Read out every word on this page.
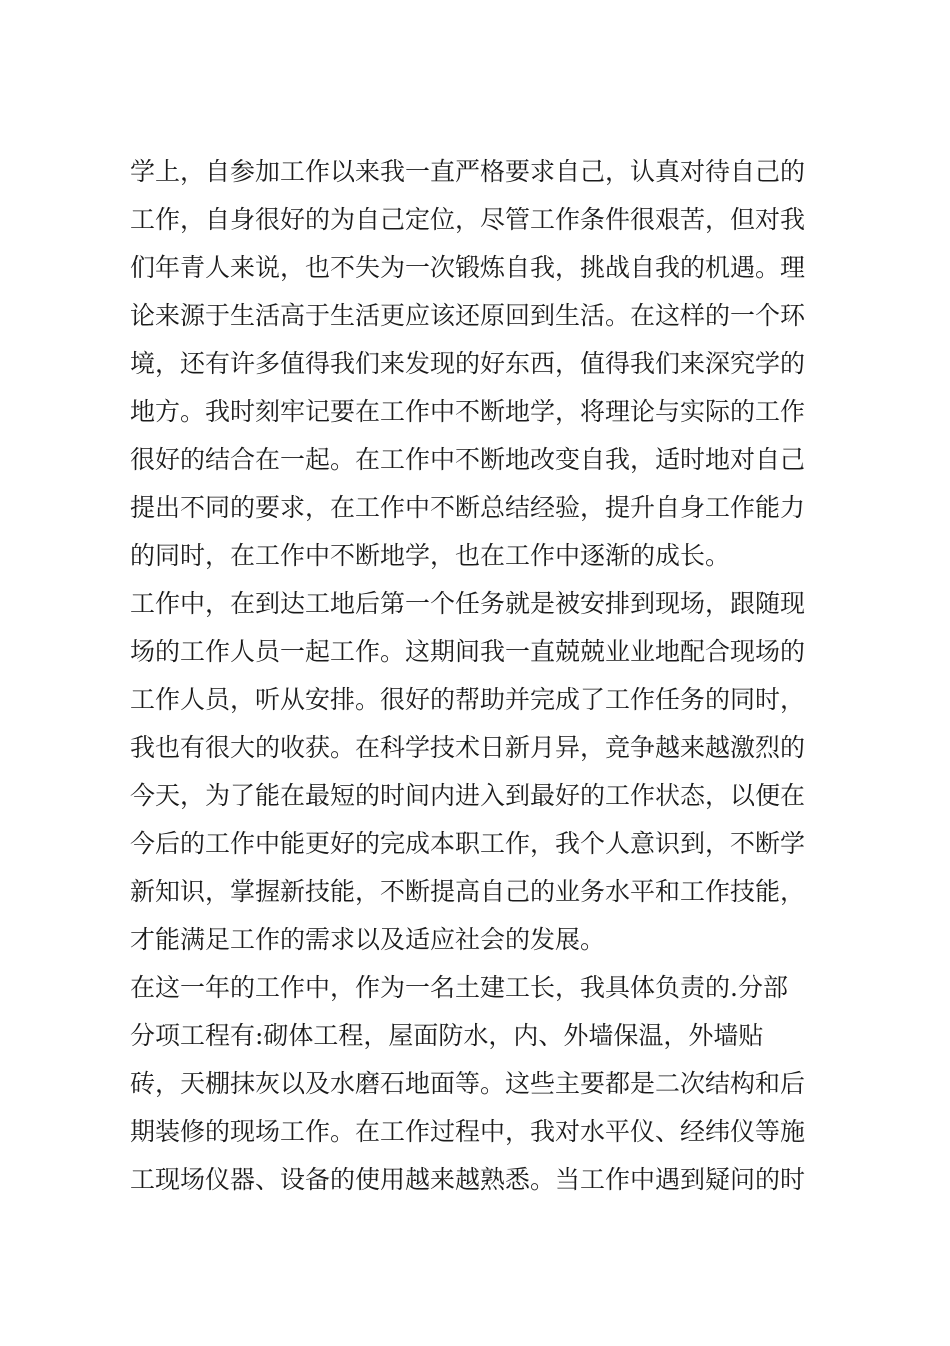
学上，自参加工作以来我一直严格要求自己，认真对待自己的
工作，自身很好的为自己定位，尽管工作条件很艰苦，但对我
们年青人来说，也不失为一次锻炼自我，挑战自我的机遇。理
论来源于生活高于生活更应该还原回到生活。在这样的一个环
境，还有许多值得我们来发现的好东西，值得我们来深究学的
地方。我时刻牢记要在工作中不断地学，将理论与实际的工作
很好的结合在一起。在工作中不断地改变自我，适时地对自己
提出不同的要求，在工作中不断总结经验，提升自身工作能力
的同时，在工作中不断地学，也在工作中逐渐的成长。
工作中，在到达工地后第一个任务就是被安排到现场，跟随现
场的工作人员一起工作。这期间我一直兢兢业业地配合现场的
工作人员，听从安排。很好的帮助并完成了工作任务的同时，
我也有很大的收获。在科学技术日新月异，竞争越来越激烈的
今天，为了能在最短的时间内进入到最好的工作状态，以便在
今后的工作中能更好的完成本职工作，我个人意识到，不断学
新知识，掌握新技能，不断提高自己的业务水平和工作技能，
才能满足工作的需求以及适应社会的发展。
在这一年的工作中，作为一名土建工长，我具体负责的.分部
分项工程有:砌体工程，屋面防水，内、外墙保温，外墙贴
砖，天棚抹灰以及水磨石地面等。这些主要都是二次结构和后
期装修的现场工作。在工作过程中，我对水平仪、经纬仪等施
工现场仪器、设备的使用越来越熟悉。当工作中遇到疑问的时
